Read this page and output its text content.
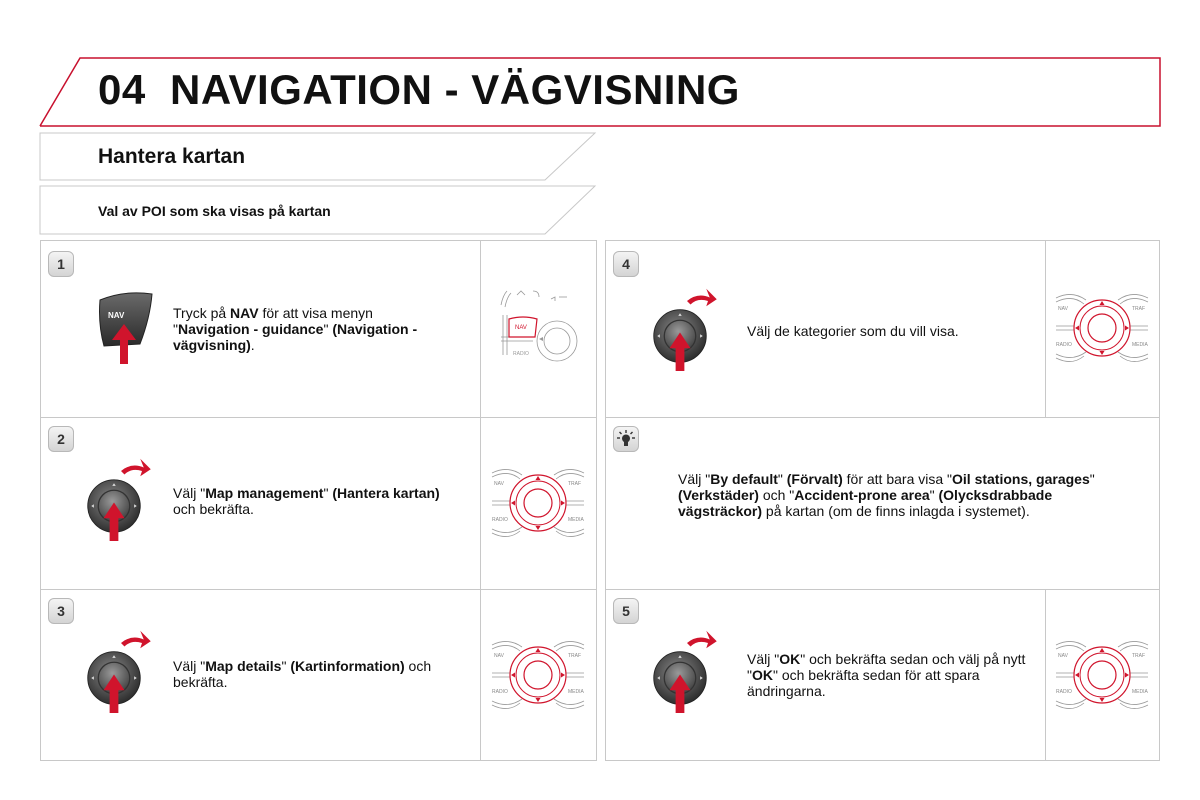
04 NAVIGATION - VÄGVISNING
Hantera kartan
Val av POI som ska visas på kartan
1
2
3
4
5
NAV
NAV
RADIO
NAV	TRAF
RADIO	MEDIA
NAV	TRAF
RADIO	MEDIA
NAV	TRAF
RADIO	MEDIA
NAV	TRAF
RADIO	MEDIA
Tryck på NAV för att visa menyn "Navigation - guidance" (Navigation - vägvisning).
Välj "Map management" (Hantera kartan) och bekräfta.
Välj "Map details" (Kartinformation) och bekräfta.
Välj de kategorier som du vill visa.
Välj "By default" (Förvalt) för att bara visa "Oil stations, garages" (Verkstäder) och "Accident-prone area" (Olycksdrabbade vägsträckor) på kartan (om de finns inlagda i systemet).
Välj "OK" och bekräfta sedan och välj på nytt "OK" och bekräfta sedan för att spara ändringarna.
